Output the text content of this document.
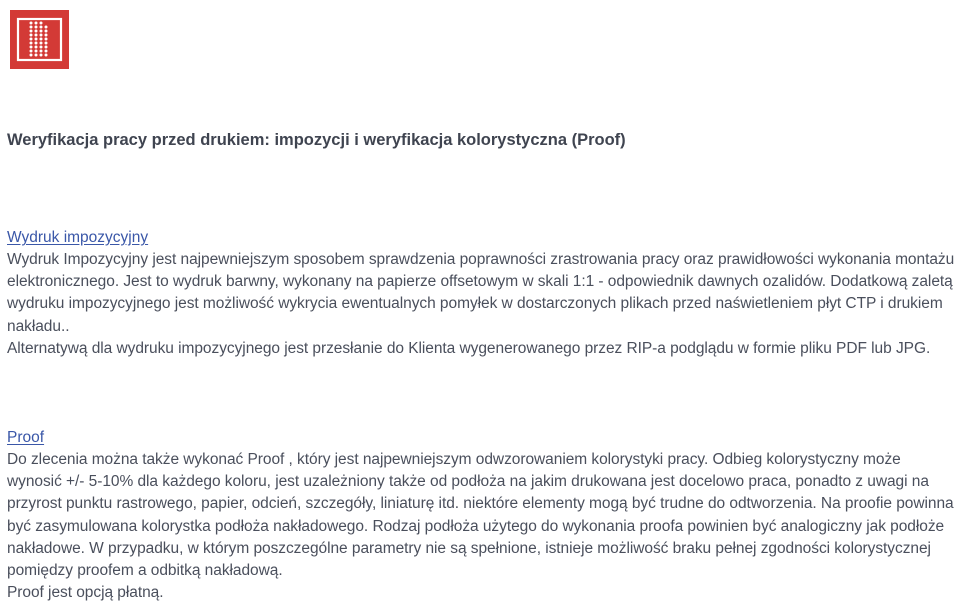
Weryfikacja pracy przed drukiem: impozycji i weryfikacja kolorystyczna (Proof)
Wydruk impozycyjny

Wydruk Impozycyjny jest najpewniejszym sposobem sprawdzenia poprawności zrastrowania pracy oraz prawidłowości wykonania montażu elektronicznego. Jest to wydruk barwny, wykonany na papierze offsetowym w skali 1:1 - odpowiednik dawnych ozalidów. Dodatkową zaletą wydruku impozycyjnego jest możliwość wykrycia ewentualnych pomyłek w dostarczonych plikach przed naświetleniem płyt CTP i drukiem nakładu..

Alternatywą dla wydruku impozycyjnego jest przesłanie do Klienta wygenerowanego przez RIP-a podglądu w formie pliku PDF lub JPG.

Proof

Do zlecenia można także wykonać Proof , który jest najpewniejszym odwzorowaniem kolorystyki pracy. Odbieg kolorystyczny może wynosić +/- 5-10% dla każdego koloru, jest uzależniony także od podłoża na jakim drukowana jest docelowo praca, ponadto z uwagi na przyrost punktu rastrowego, papier, odcień, szczegóły, liniaturę itd. niektóre elementy mogą być trudne do odtworzenia. Na proofie powinna być zasymulowana kolorystka podłoża nakładowego. Rodzaj podłoża użytego do wykonania proofa powinien być analogiczny jak podłoże nakładowe. W przypadku, w którym poszczególne parametry nie są spełnione, istnieje możliwość braku pełnej zgodności kolorystycznej pomiędzy proofem a odbitką nakładową.

Proof jest opcją płatną.
